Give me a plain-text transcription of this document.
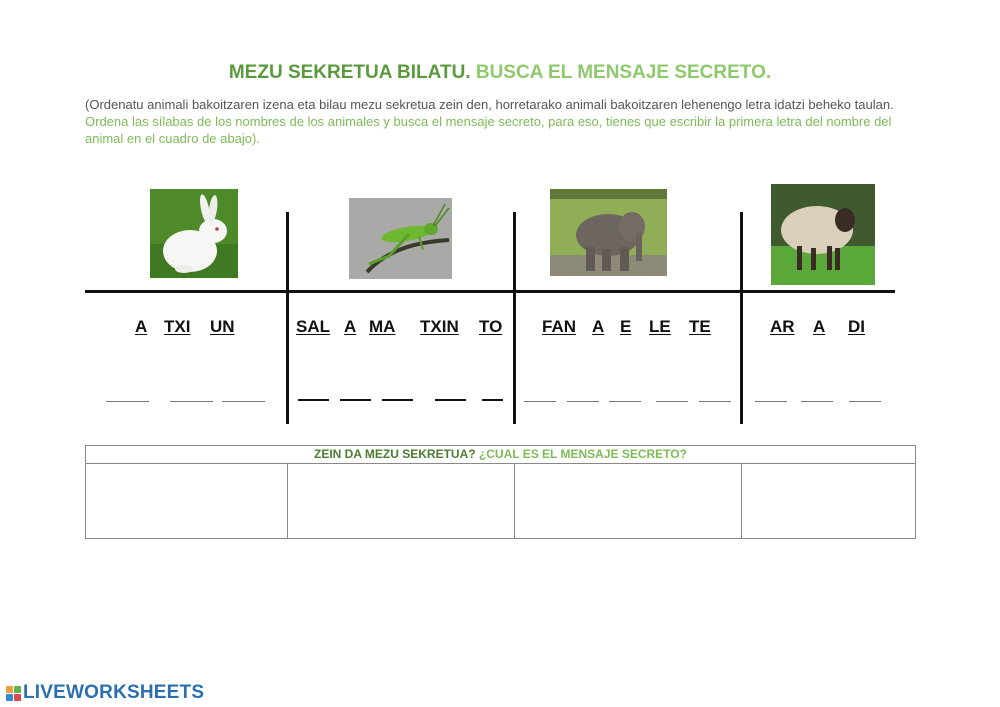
MEZU SEKRETUA BILATU. BUSCA EL MENSAJE SECRETO.
(Ordenatu animali bakoitzaren izena eta bilau mezu sekretua zein den, horretarako animali bakoitzaren lehenengo letra idatzi beheko taulan. Ordena las sílabas de los nombres de los animales y busca el mensaje secreto, para eso, tienes que escribir la primera letra del nombre del animal en el cuadro de abajo).
A TXI UN	SAL A MA TXIN TO FAN A E LE TE	AR A DI
ZEIN DA MEZU SEKRETUA? ¿CUAL ES EL MENSAJE SECRETO?
LIVEWORKSHEETS
